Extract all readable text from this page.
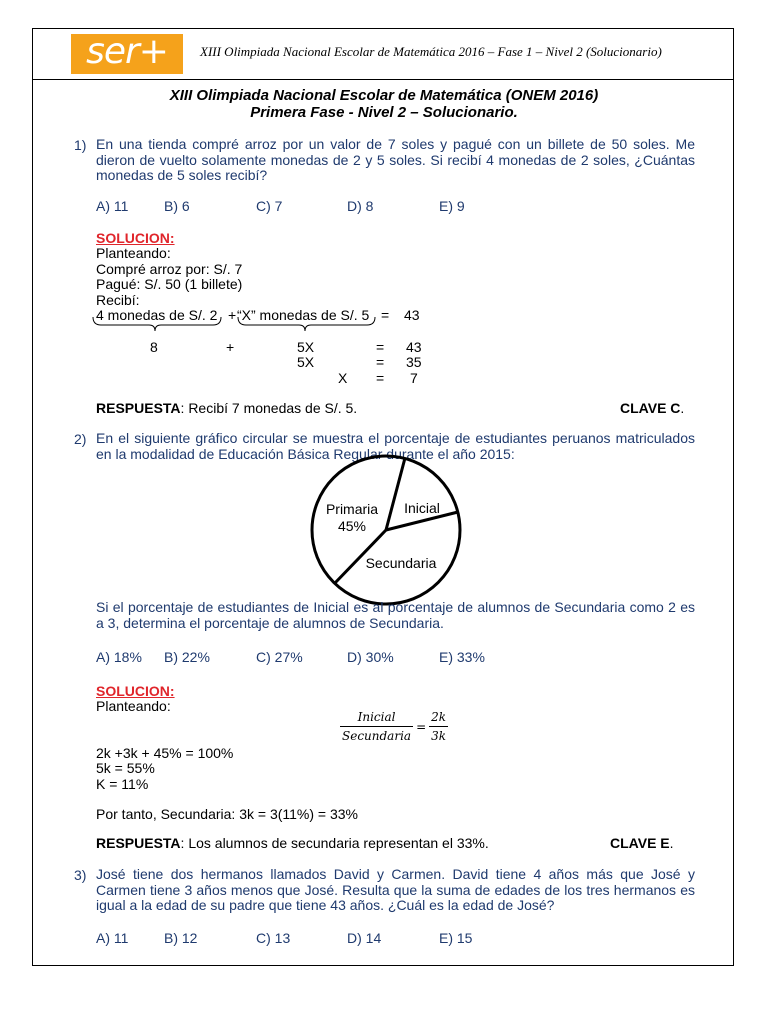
ser+ XIII Olimpiada Nacional Escolar de Matemática 2016 – Fase 1 – Nivel 2 (Solucionario)
XIII Olimpiada Nacional Escolar de Matemática (ONEM 2016)
Primera Fase - Nivel 2 – Solucionario.
1) En una tienda compré arroz por un valor de 7 soles y pagué con un billete de 50 soles. Me dieron de vuelto solamente monedas de 2 y 5 soles. Si recibí 4 monedas de 2 soles, ¿Cuántas monedas de 5 soles recibí?
A) 11	B) 6	C) 7	D) 8	E) 9
SOLUCION:
Planteando:
Compré arroz por: S/. 7
Pagué: S/. 50 (1 billete)
Recibí:
4 monedas de S/. 2 + “X” monedas de S/. 5 = 43
8	+	5X	= 43
5X	= 35
X = 7
RESPUESTA: Recibí 7 monedas de S/. 5.	CLAVE C.
2) En el siguiente gráfico circular se muestra el porcentaje de estudiantes peruanos matriculados en la modalidad de Educación Básica Regular durante el año 2015:
Primaria
45%
Inicial
Secundaria
Si el porcentaje de estudiantes de Inicial es al porcentaje de alumnos de Secundaria como 2 es a 3, determina el porcentaje de alumnos de Secundaria.
A) 18% B) 22%	C) 27%	D) 30%	E) 33%
SOLUCION:
Planteando:
$\frac{\text{Inicial}}{\text{Secundaria}} = \frac{2k}{3k}$
2k +3k + 45% = 100%
5k = 55%
K = 11%
Por tanto, Secundaria: 3k = 3(11%) = 33%
RESPUESTA: Los alumnos de secundaria representan el 33%.	CLAVE E.
3) José tiene dos hermanos llamados David y Carmen. David tiene 4 años más que José y Carmen tiene 3 años menos que José. Resulta que la suma de edades de los tres hermanos es igual a la edad de su padre que tiene 43 años. ¿Cuál es la edad de José?
A) 11	B) 12	C) 13	D) 14	E) 15
